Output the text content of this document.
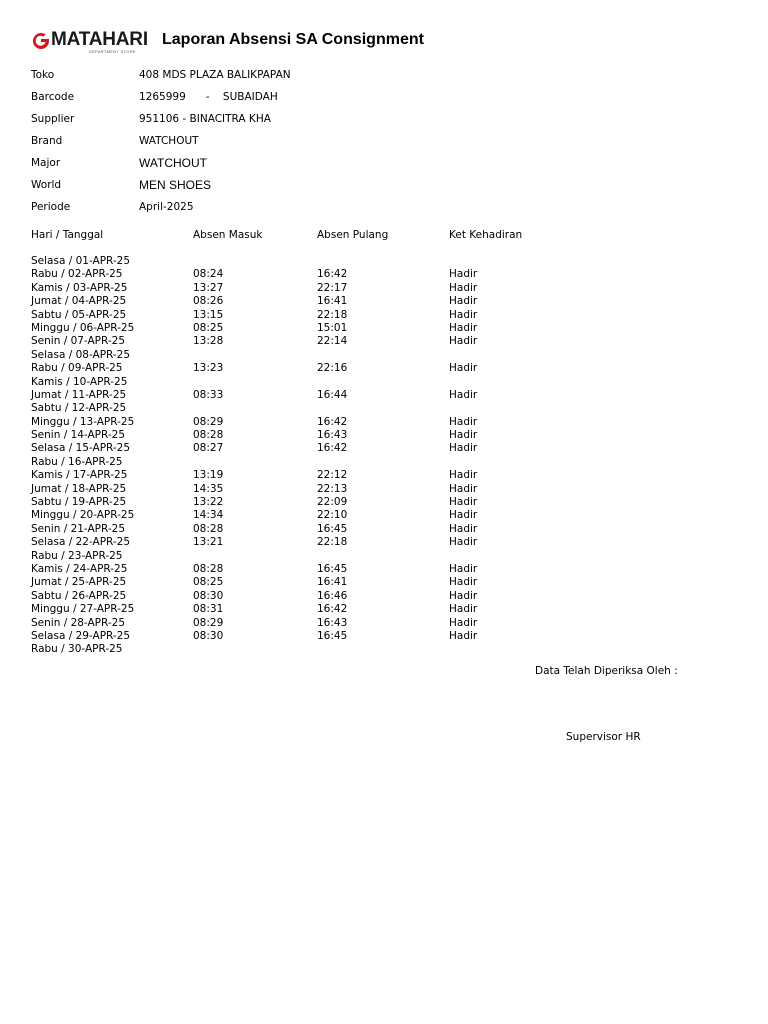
MATAHARI
DEPARTMENT STORE
Laporan Absensi SA Consignment
Toko	408 MDS PLAZA BALIKPAPAN
Barcode	1265999      -    SUBAIDAH
Supplier	951106 - BINACITRA KHA
Brand	WATCHOUT
Major	WATCHOUT
World	MEN SHOES
Periode	April-2025
Hari / Tanggal	Absen Masuk	Absen Pulang	Ket Kehadiran
Selasa / 01-APR-25
Rabu / 02-APR-25	08:24	16:42	Hadir
Kamis / 03-APR-25	13:27	22:17	Hadir
Jumat / 04-APR-25	08:26	16:41	Hadir
Sabtu / 05-APR-25	13:15	22:18	Hadir
Minggu / 06-APR-25	08:25	15:01	Hadir
Senin / 07-APR-25	13:28	22:14	Hadir
Selasa / 08-APR-25
Rabu / 09-APR-25	13:23	22:16	Hadir
Kamis / 10-APR-25
Jumat / 11-APR-25	08:33	16:44	Hadir
Sabtu / 12-APR-25
Minggu / 13-APR-25	08:29	16:42	Hadir
Senin / 14-APR-25	08:28	16:43	Hadir
Selasa / 15-APR-25	08:27	16:42	Hadir
Rabu / 16-APR-25
Kamis / 17-APR-25	13:19	22:12	Hadir
Jumat / 18-APR-25	14:35	22:13	Hadir
Sabtu / 19-APR-25	13:22	22:09	Hadir
Minggu / 20-APR-25	14:34	22:10	Hadir
Senin / 21-APR-25	08:28	16:45	Hadir
Selasa / 22-APR-25	13:21	22:18	Hadir
Rabu / 23-APR-25
Kamis / 24-APR-25	08:28	16:45	Hadir
Jumat / 25-APR-25	08:25	16:41	Hadir
Sabtu / 26-APR-25	08:30	16:46	Hadir
Minggu / 27-APR-25	08:31	16:42	Hadir
Senin / 28-APR-25	08:29	16:43	Hadir
Selasa / 29-APR-25	08:30	16:45	Hadir
Rabu / 30-APR-25
Data Telah Diperiksa Oleh :
Supervisor HR
